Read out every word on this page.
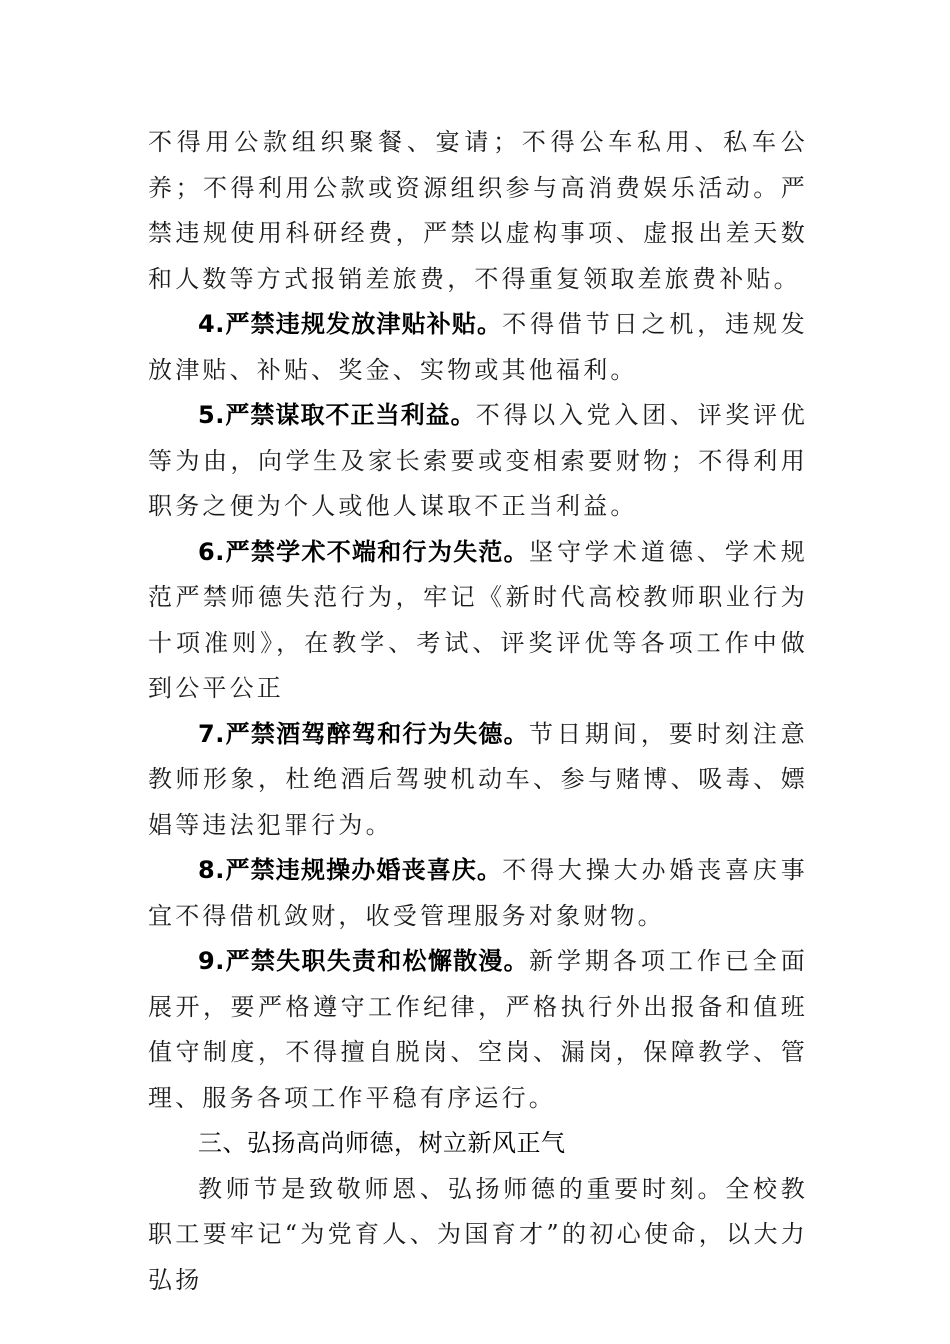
不得用公款组织聚餐、宴请；不得公车私用、私车公养；不得利用公款或资源组织参与高消费娱乐活动。严禁违规使用科研经费，严禁以虚构事项、虚报出差天数和人数等方式报销差旅费，不得重复领取差旅费补贴。

4.严禁违规发放津贴补贴。不得借节日之机，违规发放津贴、补贴、奖金、实物或其他福利。

5.严禁谋取不正当利益。不得以入党入团、评奖评优等为由，向学生及家长索要或变相索要财物；不得利用职务之便为个人或他人谋取不正当利益。

6.严禁学术不端和行为失范。坚守学术道德、学术规范严禁师德失范行为，牢记《新时代高校教师职业行为十项准则》，在教学、考试、评奖评优等各项工作中做到公平公正

7.严禁酒驾醉驾和行为失德。节日期间，要时刻注意教师形象，杜绝酒后驾驶机动车、参与赌博、吸毒、嫖娼等违法犯罪行为。

8.严禁违规操办婚丧喜庆。不得大操大办婚丧喜庆事宜不得借机敛财，收受管理服务对象财物。

9.严禁失职失责和松懈散漫。新学期各项工作已全面展开，要严格遵守工作纪律，严格执行外出报备和值班值守制度，不得擅自脱岗、空岗、漏岗，保障教学、管理、服务各项工作平稳有序运行。

三、弘扬高尚师德，树立新风正气

教师节是致敬师恩、弘扬师德的重要时刻。全校教职工要牢记“为党育人、为国育才”的初心使命，以大力弘扬
